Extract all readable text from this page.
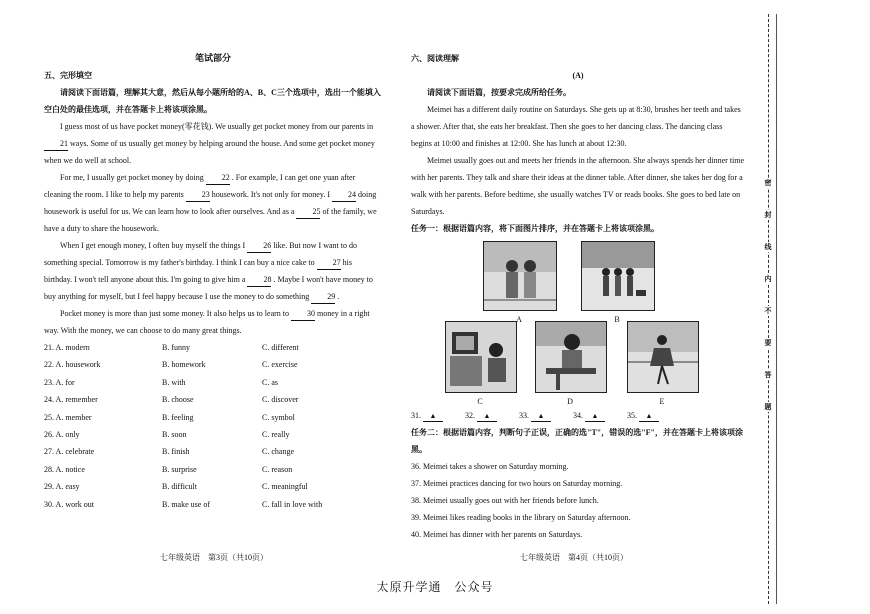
笔试部分

五、完形填空

请阅读下面语篇，理解其大意，然后从每小题所给的A、B、C三个选项中，选出一个能填入空白处的最佳选项，并在答题卡上将该项涂黑。

I guess most of us have pocket money(零花钱). We usually get pocket money from our parents in 21 ways. Some of us usually get money by helping around the house. And some get pocket money when we do well at school.

For me, I usually get pocket money by doing 22 . For example, I can get one yuan after cleaning the room. I like to help my parents 23 housework. It's not only for money. I 24 doing housework is useful for us. We can learn how to look after ourselves. And as a 25 of the family, we have a duty to share the housework.

When I get enough money, I often buy myself the things I 26 like. But now I want to do something special. Tomorrow is my father's birthday. I think I can buy a nice cake to 27 his birthday. I won't tell anyone about this. I'm going to give him a 28 . Maybe I won't have money to buy anything for myself, but I feel happy because I use the money to do something 29 .

Pocket money is more than just some money. It also helps us to learn to 30 money in a right way. With the money, we can choose to do many great things.

21. A. modern	B. funny	C. different
22. A. housework	B. homework	C. exercise
23. A. for	B. with	C. as
24. A. remember	B. choose	C. discover
25. A. member	B. feeling	C. symbol
26. A. only	B. soon	C. really
27. A. celebrate	B. finish	C. change
28. A. notice	B. surprise	C. reason
29. A. easy	B. difficult	C. meaningful
30. A. work out	B. make use of	C. fall in love with
七年级英语　第3页（共10页）

六、阅读理解

(A)

请阅读下面语篇，按要求完成所给任务。

Meimei has a different daily routine on Saturdays. She gets up at 8:30, brushes her teeth and takes a shower. After that, she eats her breakfast. Then she goes to her dancing class. The dancing class begins at 10:00 and finishes at 12:00. She has lunch at about 12:30.

Meimei usually goes out and meets her friends in the afternoon. She always spends her dinner time with her parents. They talk and share their ideas at the dinner table. After dinner, she takes her dog for a walk with her parents. Before bedtime, she usually watches TV or reads books. She goes to bed late on Saturdays.

任务一：根据语篇内容，将下面图片排序，并在答题卡上将该项涂黑。

A	B
C	D	E
31. ▲	32. ▲	33. ▲	34. ▲	35. ▲

任务二：根据语篇内容，判断句子正误，正确的选"T"，错误的选"F"，并在答题卡上将该项涂黑。

36. Meimei takes a shower on Saturday morning.

37. Meimei practices dancing for two hours on Saturday morning.

38. Meimei usually goes out with her friends before lunch.

39. Meimei likes reading books in the library on Saturday afternoon.

40. Meimei has dinner with her parents on Saturdays.

七年级英语　第4页（共10页）
密
封
线
内
不
要
答
题
太原升学通　公众号
